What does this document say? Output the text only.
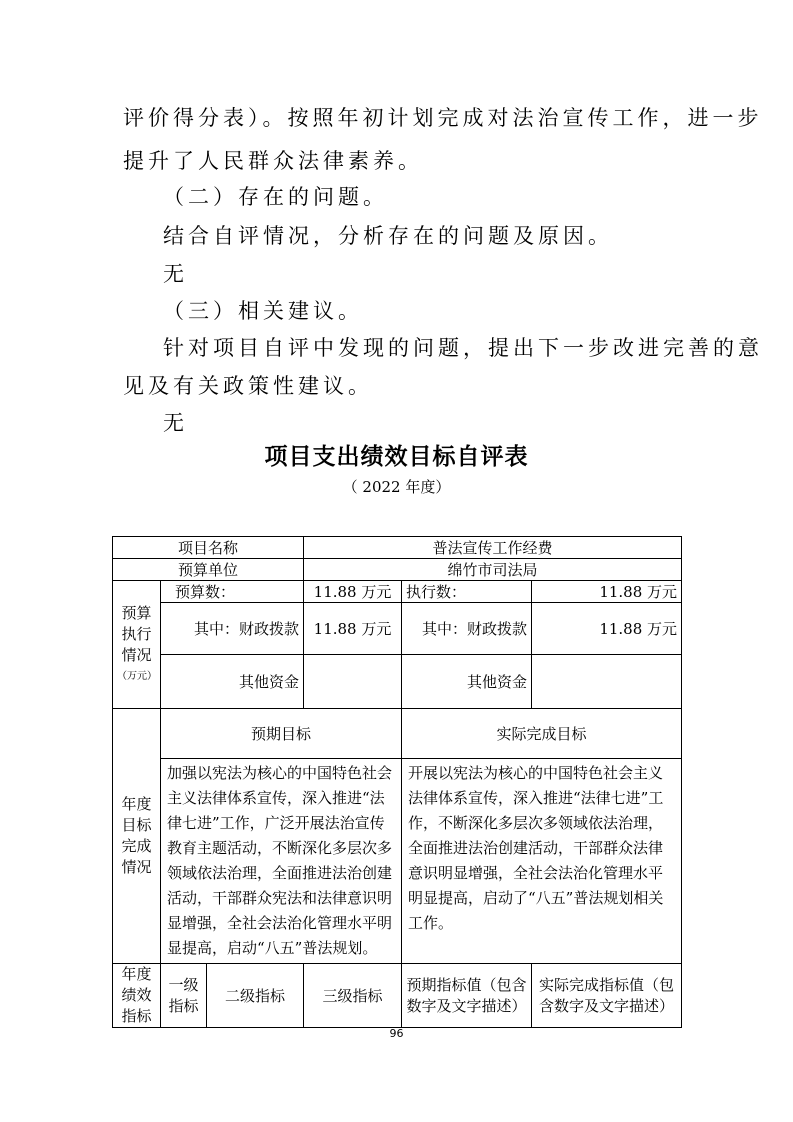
评价得分表）。按照年初计划完成对法治宣传工作，进一步
提升了人民群众法律素养。
（二）存在的问题。
结合自评情况，分析存在的问题及原因。
无
（三）相关建议。
针对项目自评中发现的问题，提出下一步改进完善的意
见及有关政策性建议。
无
项目支出绩效目标自评表
（ 2022 年度）
项目名称			普法宣传工作经费		
预算单位			绵竹市司法局		

预算执行情况
（万元）	预算数：		11.88 万元	执行数：	11.88 万元
	其中：财政拨款		11.88 万元	其中：财政拨款	11.88 万元
	其他资金			其他资金	
年度目标完成情况	预期目标			实际完成目标	
	加强以宪法为核心的中国特色社会主义法律体系宣传，深入推进“法律七进”工作，广泛开展法治宣传教育主题活动，不断深化多层次多领域依法治理，全面推进法治创建活动，干部群众宪法和法律意识明显增强，全社会法治化管理水平明显提高，启动“八五”普法规划。			开展以宪法为核心的中国特色社会主义法律体系宣传，深入推进“法律七进”工作，不断深化多层次多领域依法治理，全面推进法治创建活动，干部群众法律意识明显增强，全社会法治化管理水平明显提高，启动了“八五”普法规划相关工作。	
年度绩效指标	一级指标	二级指标	三级指标	预期指标值（包含数字及文字描述）	实际完成指标值（包含数字及文字描述）
96
